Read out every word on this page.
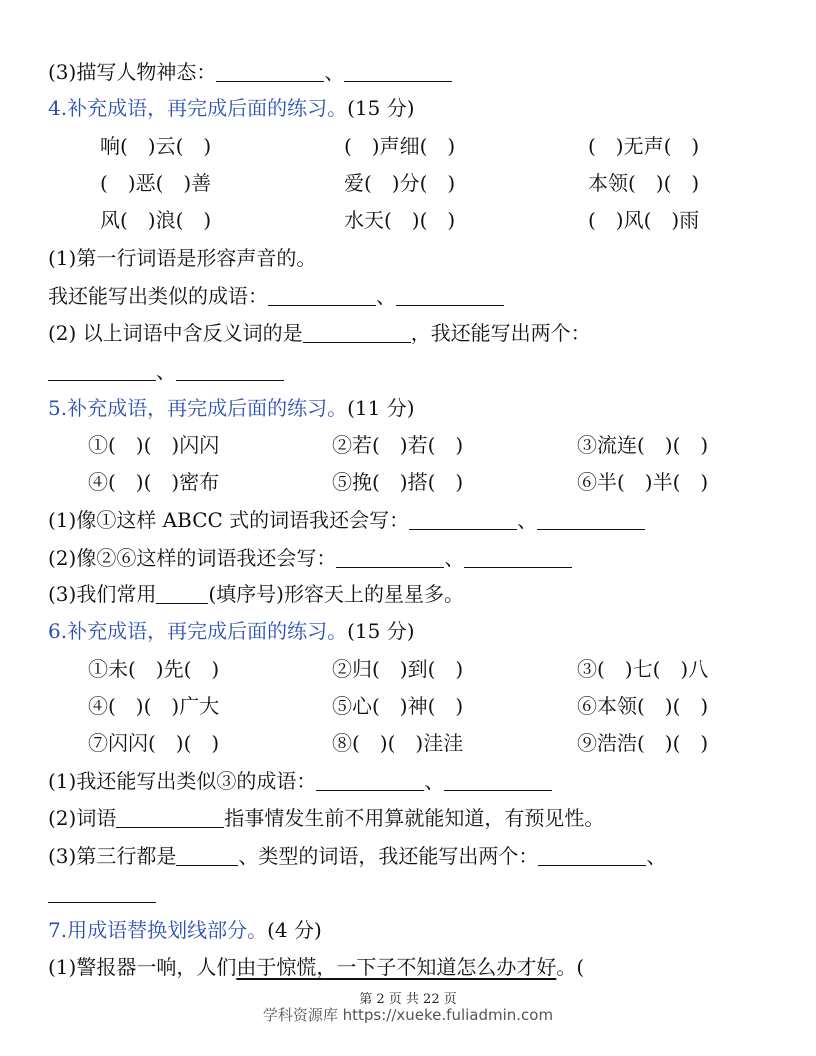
(3)描写人物神态：	、
4.补充成语，再完成后面的练习。(15 分)
响(　)云(　)	(　)声细(　)	(　)无声(　)
(　)恶(　)善	爱(　)分(　)	本领(　)(　)
风(　)浪(　)	水天(　)(　)	(　)风(　)雨
(1)第一行词语是形容声音的。
我还能写出类似的成语：	、
(2) 以上词语中含反义词的是	，我还能写出两个：
、
5.补充成语，再完成后面的练习。(11 分)
①(　)(　)闪闪	②若(　)若(　)	③流连(　)(　)
④(　)(　)密布	⑤挽(　)搭(　)	⑥半(　)半(　)
(1)像①这样 ABCC 式的词语我还会写：	、
(2)像②⑥这样的词语我还会写：	、
(3)我们常用	(填序号)形容天上的星星多。
6.补充成语，再完成后面的练习。(15 分)
①未(　)先(　)	②归(　)到(　)	③(　)七(　)八
④(　)(　)广大	⑤心(　)神(　)	⑥本领(　)(　)
⑦闪闪(　)(　)	⑧(　)(　)洼洼	⑨浩浩(　)(　)
(1)我还能写出类似③的成语：	、
(2)词语	指事情发生前不用算就能知道，有预见性。
(3)第三行都是	、类型的词语，我还能写出两个：	、
7.用成语替换划线部分。(4 分)
(1)警报器一响，人们由于惊慌，一下子不知道怎么办才好。(
第 2 页 共 22 页
学科资源库 https://xueke.fuliadmin.com
